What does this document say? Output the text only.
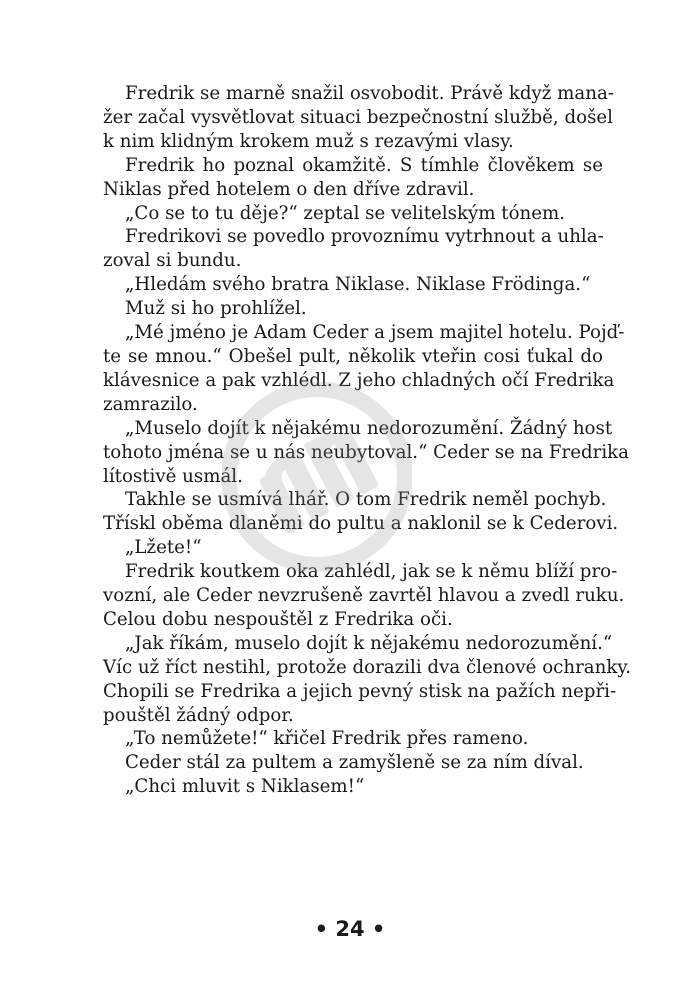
Fredrik se marně snažil osvobodit. Právě když mana-
žer začal vysvětlovat situaci bezpečnostní službě, došel
k nim klidným krokem muž s rezavými vlasy.
Fredrik ho poznal okamžitě. S tímhle člověkem se
Niklas před hotelem o den dříve zdravil.
„Co se to tu děje?“ zeptal se velitelským tónem.
Fredrikovi se povedlo provoznímu vytrhnout a uhla-
zoval si bundu.
„Hledám svého bratra Niklase. Niklase Frödinga.“
Muž si ho prohlížel.
„Mé jméno je Adam Ceder a jsem majitel hotelu. Pojď-
te se mnou.“ Obešel pult, několik vteřin cosi ťukal do
klávesnice a pak vzhlédl. Z jeho chladných očí Fredrika
zamrazilo.
„Muselo dojít k nějakému nedorozumění. Žádný host
tohoto jména se u nás neubytoval.“ Ceder se na Fredrika
lítostivě usmál.
Takhle se usmívá lhář. O tom Fredrik neměl pochyb.
Třískl oběma dlaněmi do pultu a naklonil se k Cederovi.
„Lžete!“
Fredrik koutkem oka zahlédl, jak se k němu blíží pro-
vozní, ale Ceder nevzrušeně zavrtěl hlavou a zvedl ruku.
Celou dobu nespouštěl z Fredrika oči.
„Jak říkám, muselo dojít k nějakému nedorozumění.“
Víc už říct nestihl, protože dorazili dva členové ochranky.
Chopili se Fredrika a jejich pevný stisk na pažích nepři-
pouštěl žádný odpor.
„To nemůžete!“ křičel Fredrik přes rameno.
Ceder stál za pultem a zamyšleně se za ním díval.
„Chci mluvit s Niklasem!“
• 24 •
